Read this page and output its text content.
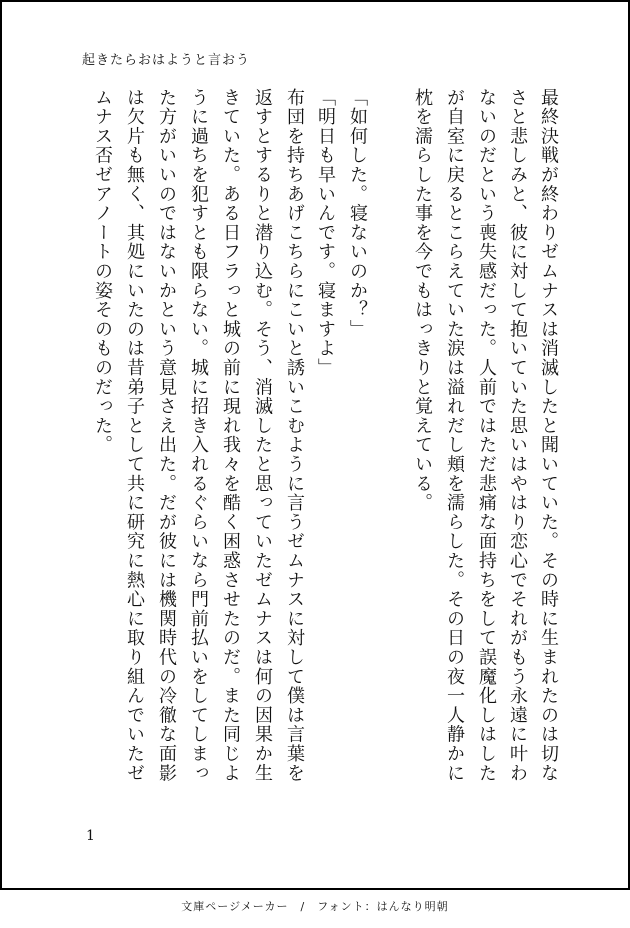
起きたらおはようと言おう
最終決戦が終わりゼムナスは消滅したと聞いていた。その時に生まれたのは切な
さと悲しみと、彼に対して抱いていた思いはやはり恋心でそれがもう永遠に叶わ
ないのだという喪失感だった。人前ではただ悲痛な面持ちをして誤魔化しはした
が自室に戻るとこらえていた涙は溢れだし頬を濡らした。その日の夜一人静かに
枕を濡らした事を今でもはっきりと覚えている。
「如何した。寝ないのか？」
「明日も早いんです。寝ますよ」
布団を持ちあげこちらにこいと誘いこむように言うゼムナスに対して僕は言葉を
返すとするりと潜り込む。そう、消滅したと思っていたゼムナスは何の因果か生
きていた。ある日フラっと城の前に現れ我々を酷く困惑させたのだ。また同じよ
うに過ちを犯すとも限らない。城に招き入れるぐらいなら門前払いをしてしまっ
た方がいいのではないかという意見さえ出た。だが彼には機関時代の冷徹な面影
は欠片も無く、其処にいたのは昔弟子として共に研究に熱心に取り組んでいたゼ
ムナス否ゼアノートの姿そのものだった。
1
文庫ページメーカー　/　フォント：はんなり明朝
